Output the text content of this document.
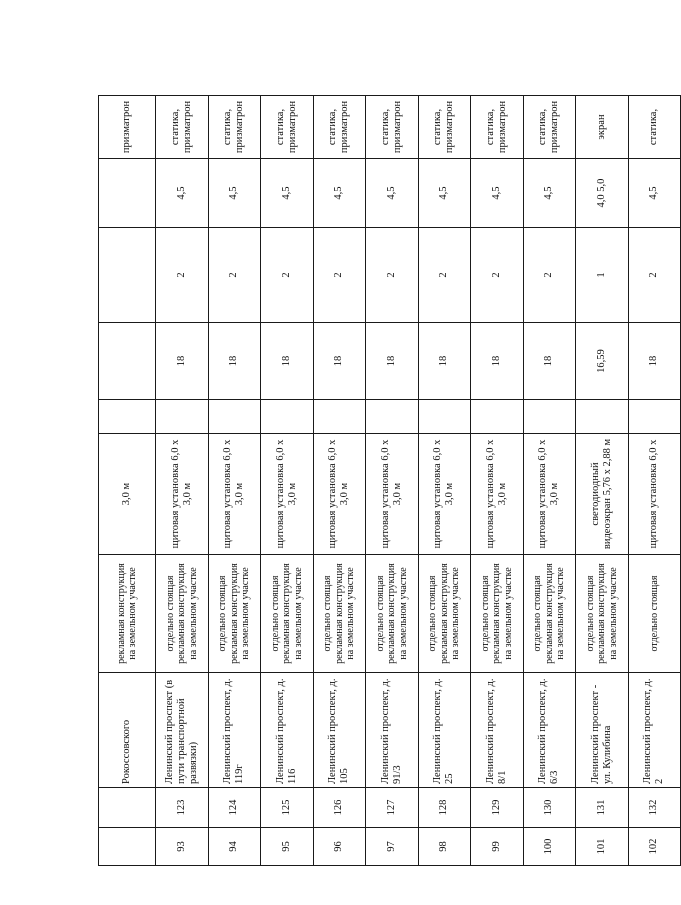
		Рокоссовского	рекламная конструкция на земельном участке	3,0 м					призматрон
93	123	Ленинский проспект (в пути транспортной развязки)	отдельно стоящая рекламная конструкция на земельном участке	щитовая установка 6,0 х 3,0 м		18	2	4,5	статика, призматрон
94	124	Ленинский проспект, д. 119г	отдельно стоящая рекламная конструкция на земельном участке	щитовая установка 6,0 х 3,0 м		18	2	4,5	статика, призматрон
95	125	Ленинский проспект, д. 116	отдельно стоящая рекламная конструкция на земельном участке	щитовая установка 6,0 х 3,0 м		18	2	4,5	статика, призматрон
96	126	Ленинский проспект, д. 105	отдельно стоящая рекламная конструкция на земельном участке	щитовая установка 6,0 х 3,0 м		18	2	4,5	статика, призматрон
97	127	Ленинский проспект, д. 91/3	отдельно стоящая рекламная конструкция на земельном участке	щитовая установка 6,0 х 3,0 м		18	2	4,5	статика, призматрон
98	128	Ленинский проспект, д. 25	отдельно стоящая рекламная конструкция на земельном участке	щитовая установка 6,0 х 3,0 м		18	2	4,5	статика, призматрон
99	129	Ленинский проспект, д. 8/1	отдельно стоящая рекламная конструкция на земельном участке	щитовая установка 6,0 х 3,0 м		18	2	4,5	статика, призматрон
100	130	Ленинский проспект, д. 6/3	отдельно стоящая рекламная конструкция на земельном участке	щитовая установка 6,0 х 3,0 м		18	2	4,5	статика, призматрон
101	131	Ленинский проспект - ул. Кулибина	отдельно стоящая рекламная конструкция на земельном участке	светодиодный видеоэкран 5,76 х 2,88 м		16,59	1	4,0 5,0	экран
102	132	Ленинский проспект, д. 2	отдельно стоящая	щитовая установка 6,0 х		18	2	4,5	статика,
